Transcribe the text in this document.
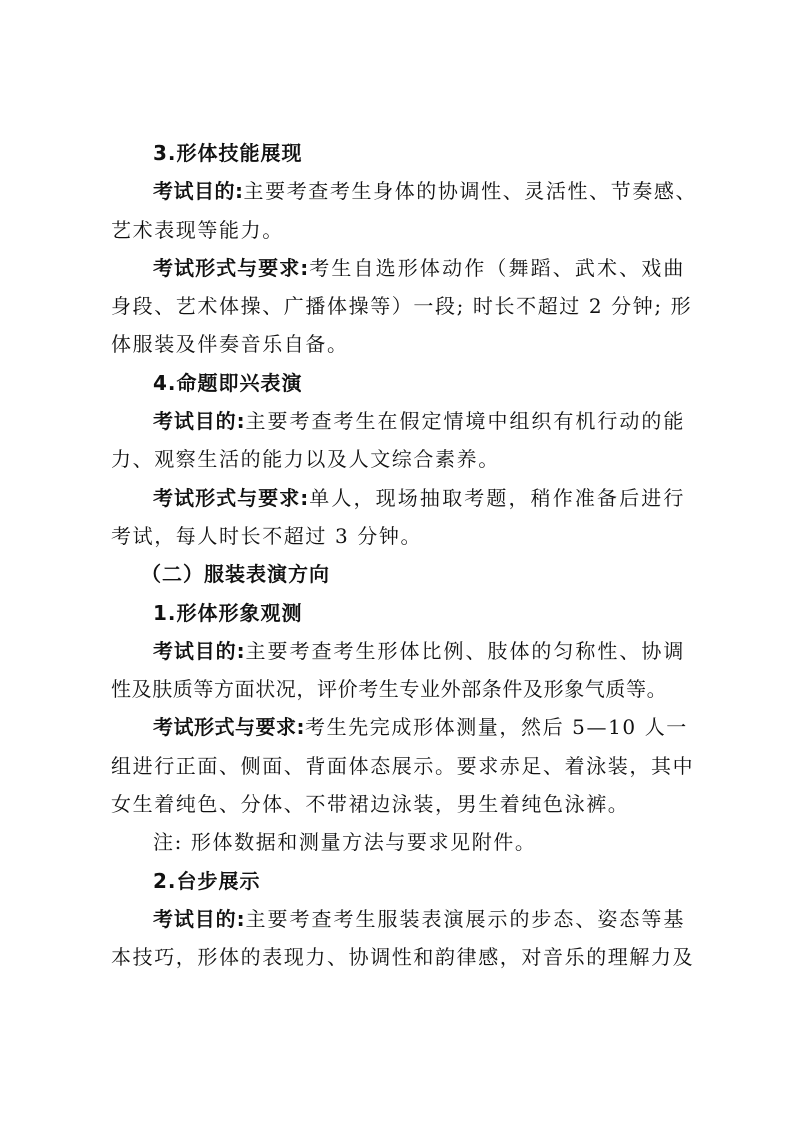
3.形体技能展现
考试目的:主要考查考生身体的协调性、灵活性、节奏感、
艺术表现等能力。
考试形式与要求:考生自选形体动作（舞蹈、武术、戏曲
身段、艺术体操、广播体操等）一段; 时长不超过 2 分钟; 形
体服装及伴奏音乐自备。
4.命题即兴表演
考试目的:主要考查考生在假定情境中组织有机行动的能
力、观察生活的能力以及人文综合素养。
考试形式与要求:单人，现场抽取考题，稍作准备后进行
考试，每人时长不超过 3 分钟。
（二）服装表演方向
1.形体形象观测
考试目的:主要考查考生形体比例、肢体的匀称性、协调
性及肤质等方面状况，评价考生专业外部条件及形象气质等。
考试形式与要求:考生先完成形体测量，然后 5—10 人一
组进行正面、侧面、背面体态展示。要求赤足、着泳装，其中
女生着纯色、分体、不带裙边泳装，男生着纯色泳裤。
注: 形体数据和测量方法与要求见附件。
2.台步展示
考试目的:主要考查考生服装表演展示的步态、姿态等基
本技巧，形体的表现力、协调性和韵律感，对音乐的理解力及
